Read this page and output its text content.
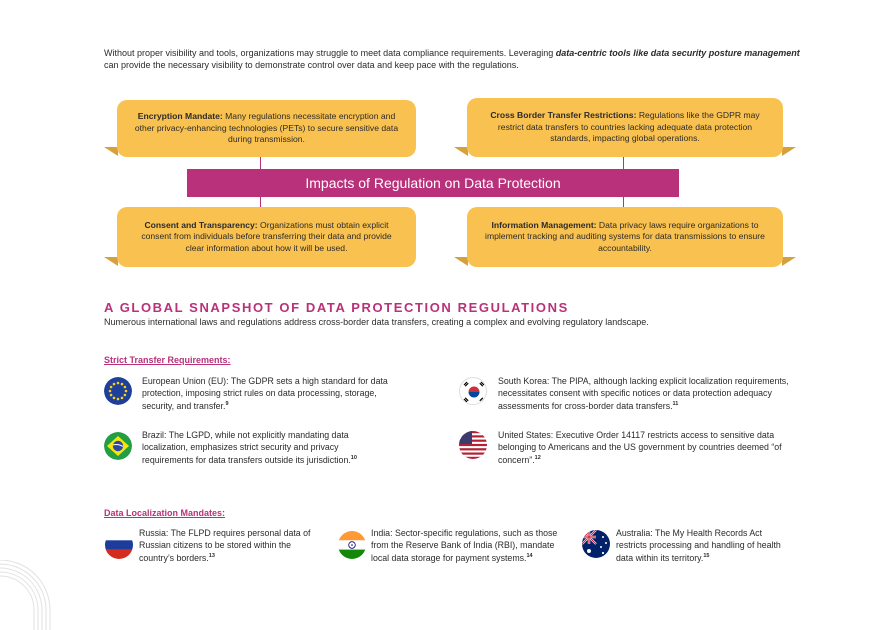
Without proper visibility and tools, organizations may struggle to meet data compliance requirements. Leveraging data-centric tools like data security posture management can provide the necessary visibility to demonstrate control over data and keep pace with the regulations.
Encryption Mandate: Many regulations necessitate encryption and other privacy-enhancing technologies (PETs) to secure sensitive data during transmission.
Cross Border Transfer Restrictions: Regulations like the GDPR may restrict data transfers to countries lacking adequate data protection standards, impacting global operations.
Consent and Transparency: Organizations must obtain explicit consent from individuals before transferring their data and provide clear information about how it will be used.
Information Management: Data privacy laws require organizations to implement tracking and auditing systems for data transmissions to ensure accountability.
Impacts of Regulation on Data Protection
A GLOBAL SNAPSHOT OF DATA PROTECTION REGULATIONS
Numerous international laws and regulations address cross-border data transfers, creating a complex and evolving regulatory landscape.
Strict Transfer Requirements:
European Union (EU): The GDPR sets a high standard for data protection, imposing strict rules on data processing, storage, security, and transfer.$^9$
South Korea: The PIPA, although lacking explicit localization requirements, necessitates consent with specific notices or data protection adequacy assessments for cross-border data transfers.$^{11}$
Brazil: The LGPD, while not explicitly mandating data localization, emphasizes strict security and privacy requirements for data transfers outside its jurisdiction.$^{10}$
United States: Executive Order 14117 restricts access to sensitive data belonging to Americans and the US government by countries deemed “of concern”.$^{12}$
Data Localization Mandates:
Russia: The FLPD requires personal data of Russian citizens to be stored within the country’s borders.$^{13}$
India: Sector-specific regulations, such as those from the Reserve Bank of India (RBI), mandate local data storage for payment systems.$^{14}$
Australia: The My Health Records Act restricts processing and handling of health data within its territory.$^{15}$
